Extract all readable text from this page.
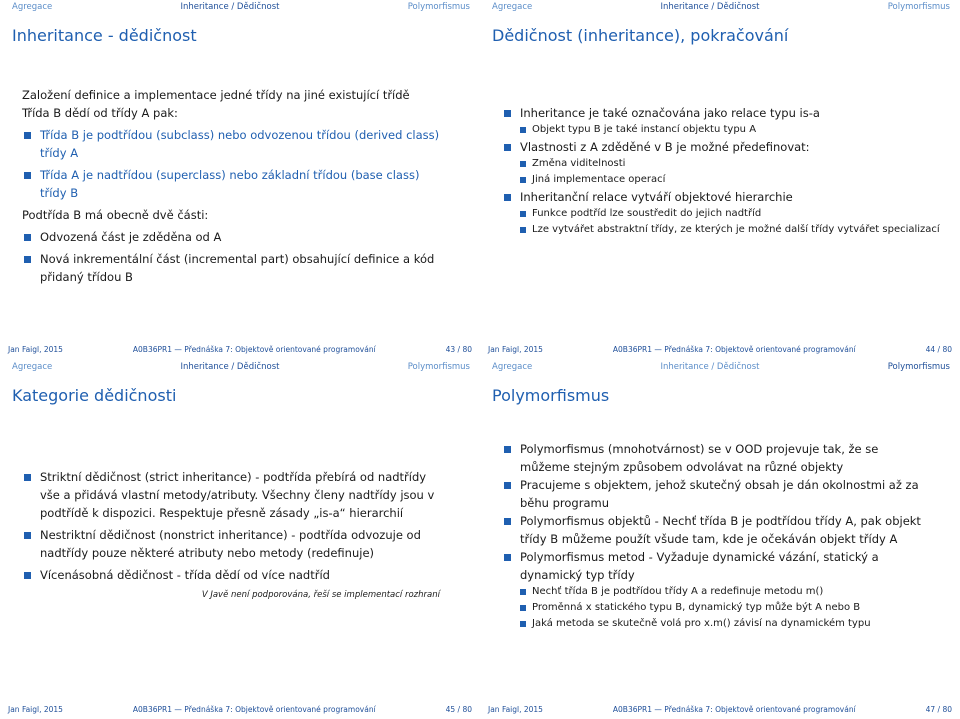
Agregace	Inheritance / Dědičnost	Polymorfismus
Inheritance - dědičnost
Založení definice a implementace jedné třídy na jiné existující třídě
Třída B dědí od třídy A pak:
Třída B je podtřídou (subclass) nebo odvozenou třídou (derived class) třídy A
Třída A je nadtřídou (superclass) nebo základní třídou (base class) třídy B
Podtřída B má obecně dvě části:
Odvozená část je zděděna od A
Nová inkrementální část (incremental part) obsahující definice a kód přidaný třídou B
Jan Faigl, 2015	A0B36PR1 — Přednáška 7: Objektově orientované programování	43 / 80
Agregace	Inheritance / Dědičnost	Polymorfismus
Dědičnost (inheritance), pokračování
Inheritance je také označována jako relace typu is-a
Objekt typu B je také instancí objektu typu A
Vlastnosti z A zděděné v B je možné předefinovat:
Změna viditelnosti
Jiná implementace operací
Inheritanční relace vytváří objektové hierarchie
Funkce podtříd lze soustředit do jejich nadtříd
Lze vytvářet abstraktní třídy, ze kterých je možné další třídy vytvářet specializací
Jan Faigl, 2015	A0B36PR1 — Přednáška 7: Objektově orientované programování	44 / 80
Agregace	Inheritance / Dědičnost	Polymorfismus
Kategorie dědičnosti
Striktní dědičnost (strict inheritance) - podtřída přebírá od nadtřídy vše a přidává vlastní metody/atributy. Všechny členy nadtřídy jsou v podtřídě k dispozici. Respektuje přesně zásady „is-a“ hierarchií
Nestriktní dědičnost (nonstrict inheritance) - podtřída odvozuje od nadtřídy pouze některé atributy nebo metody (redefinuje)
Vícenásobná dědičnost - třída dědí od více nadtříd
V Javě není podporována, řeší se implementací rozhraní
Jan Faigl, 2015	A0B36PR1 — Přednáška 7: Objektově orientované programování	45 / 80
Agregace	Inheritance / Dědičnost	Polymorfismus
Polymorfismus
Polymorfismus (mnohotvárnost) se v OOD projevuje tak, že se můžeme stejným způsobem odvolávat na různé objekty
Pracujeme s objektem, jehož skutečný obsah je dán okolnostmi až za běhu programu
Polymorfismus objektů - Nechť třída B je podtřídou třídy A, pak objekt třídy B můžeme použít všude tam, kde je očekáván objekt třídy A
Polymorfismus metod - Vyžaduje dynamické vázání, statický a dynamický typ třídy
Nechť třída B je podtřídou třídy A a redefinuje metodu m()
Proměnná x statického typu B, dynamický typ může být A nebo B
Jaká metoda se skutečně volá pro x.m() závisí na dynamickém typu
Jan Faigl, 2015	A0B36PR1 — Přednáška 7: Objektově orientované programování	47 / 80
